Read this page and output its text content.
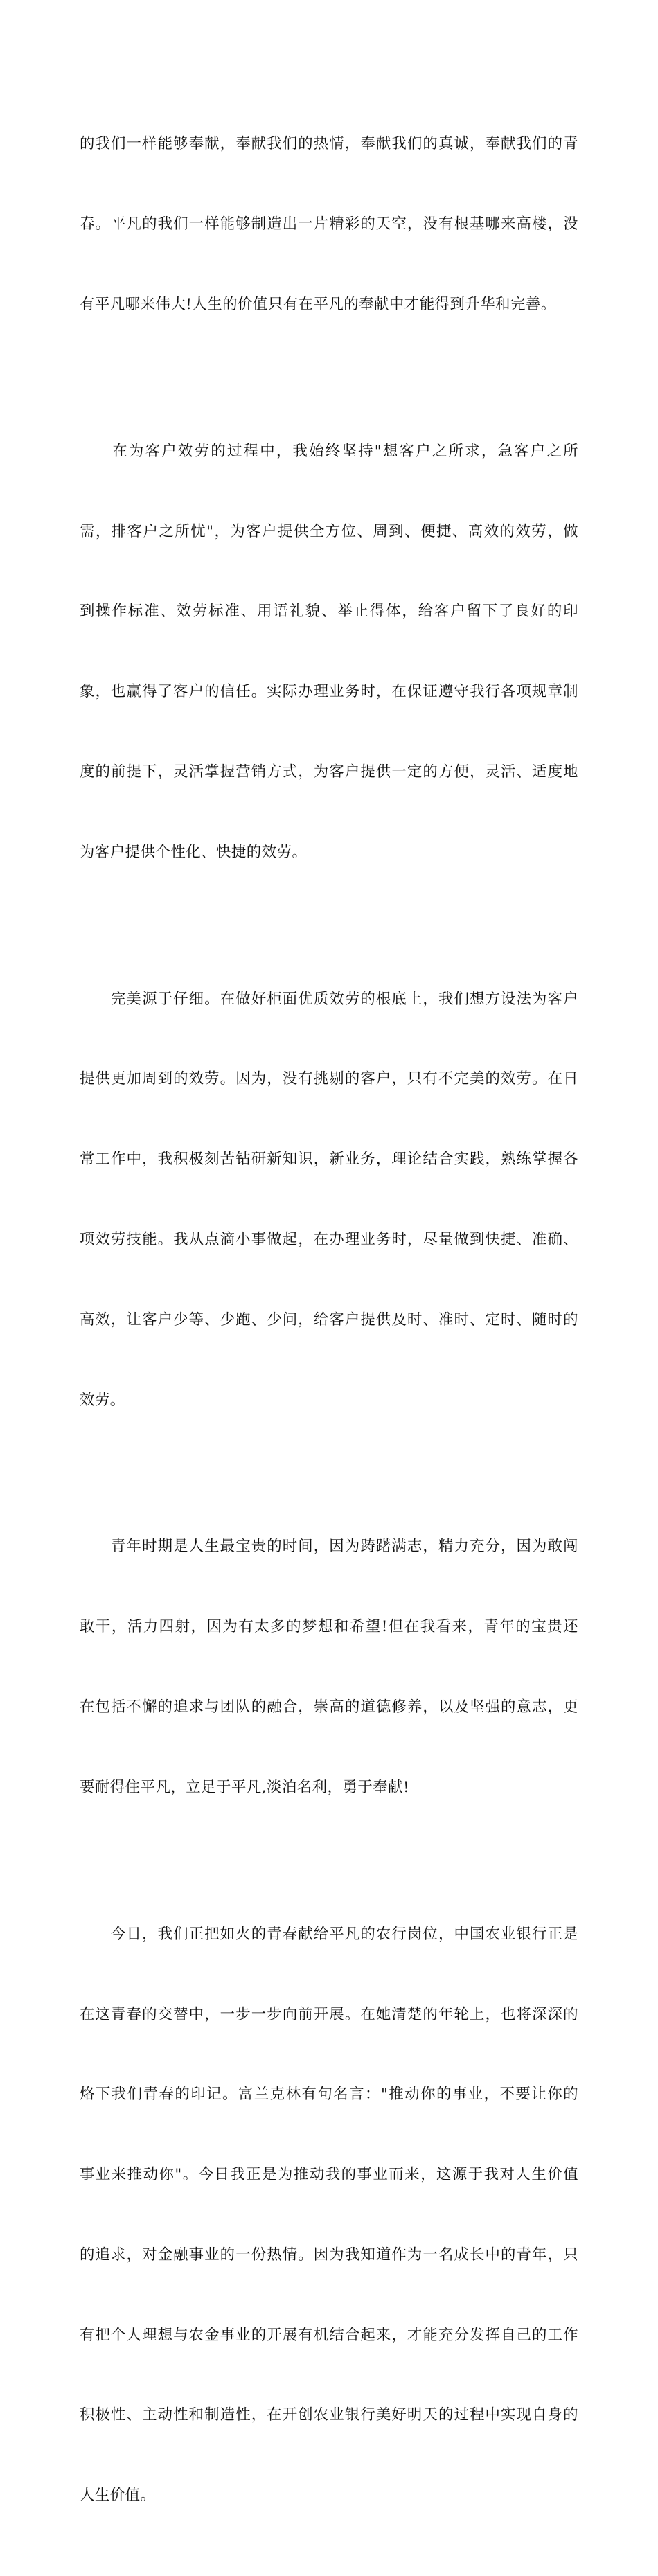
的我们一样能够奉献，奉献我们的热情，奉献我们的真诚，奉献我们的青

春。平凡的我们一样能够制造出一片精彩的天空，没有根基哪来高楼，没

有平凡哪来伟大!人生的价值只有在平凡的奉献中才能得到升华和完善。

　　在为客户效劳的过程中，我始终坚持"想客户之所求，急客户之所

需，排客户之所忧"，为客户提供全方位、周到、便捷、高效的效劳，做

到操作标准、效劳标准、用语礼貌、举止得体，给客户留下了良好的印

象，也赢得了客户的信任。实际办理业务时，在保证遵守我行各项规章制

度的前提下，灵活掌握营销方式，为客户提供一定的方便，灵活、适度地

为客户提供个性化、快捷的效劳。

　　完美源于仔细。在做好柜面优质效劳的根底上，我们想方设法为客户

提供更加周到的效劳。因为，没有挑剔的客户，只有不完美的效劳。在日

常工作中，我积极刻苦钻研新知识，新业务，理论结合实践，熟练掌握各

项效劳技能。我从点滴小事做起，在办理业务时，尽量做到快捷、准确、

高效，让客户少等、少跑、少问，给客户提供及时、准时、定时、随时的

效劳。

　　青年时期是人生最宝贵的时间，因为踌躇满志，精力充分，因为敢闯

敢干，活力四射，因为有太多的梦想和希望!但在我看来，青年的宝贵还

在包括不懈的追求与团队的融合，崇高的道德修养，以及坚强的意志，更

要耐得住平凡，立足于平凡,淡泊名利，勇于奉献!

　　今日，我们正把如火的青春献给平凡的农行岗位，中国农业银行正是

在这青春的交替中，一步一步向前开展。在她清楚的年轮上，也将深深的

烙下我们青春的印记。富兰克林有句名言："推动你的事业，不要让你的

事业来推动你"。今日我正是为推动我的事业而来，这源于我对人生价值

的追求，对金融事业的一份热情。因为我知道作为一名成长中的青年，只

有把个人理想与农金事业的开展有机结合起来，才能充分发挥自己的工作

积极性、主动性和制造性，在开创农业银行美好明天的过程中实现自身的

人生价值。
